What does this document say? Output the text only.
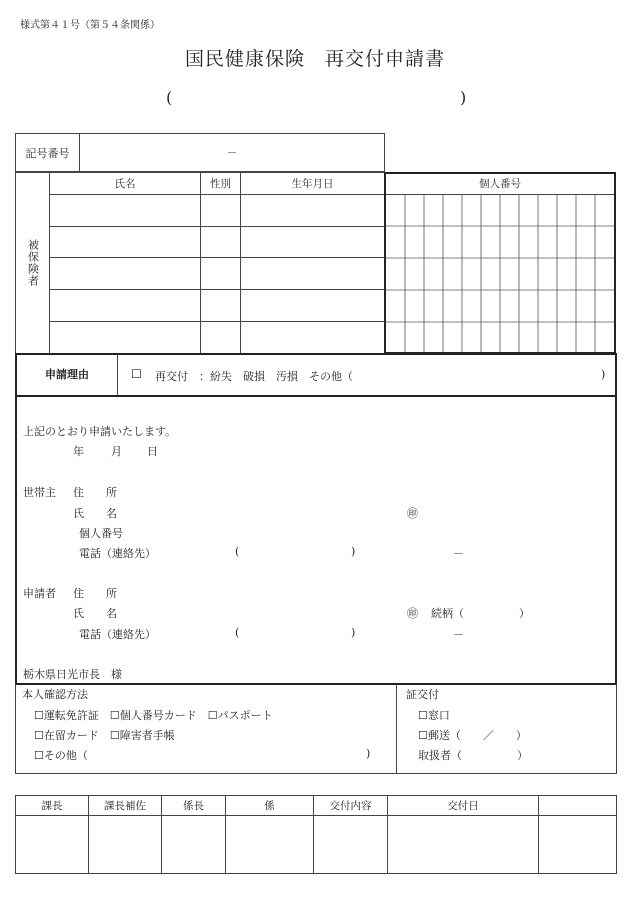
様式第４１号（第５４条関係）
国民健康保険　再交付申請書
(	)
記号番号	－
被保険者	氏名	性別	生年月日

			個人番号
申請理由	☐ 再交付　：紛失　破損　汚損　その他（	)
上記のとおり申請いたします。
年 月 日
世帯主 住　　所
氏　　名	㊞
個人番号
電話（連絡先）	(	)	－
申請者 住　　所
氏　　名	㊞ 続柄（　　　　　）
電話（連絡先）	(	)	－
栃木県日光市長　様
本人確認方法
☐運転免許証　☐個人番号カード　☐パスポート
☐在留カード　☐障害者手帳
☐その他（	)
証交付
☐窓口
☐郵送（　　／　　）
取扱者（　　　　　）
課長	課長補佐	係長	係	交付内容	交付日	
